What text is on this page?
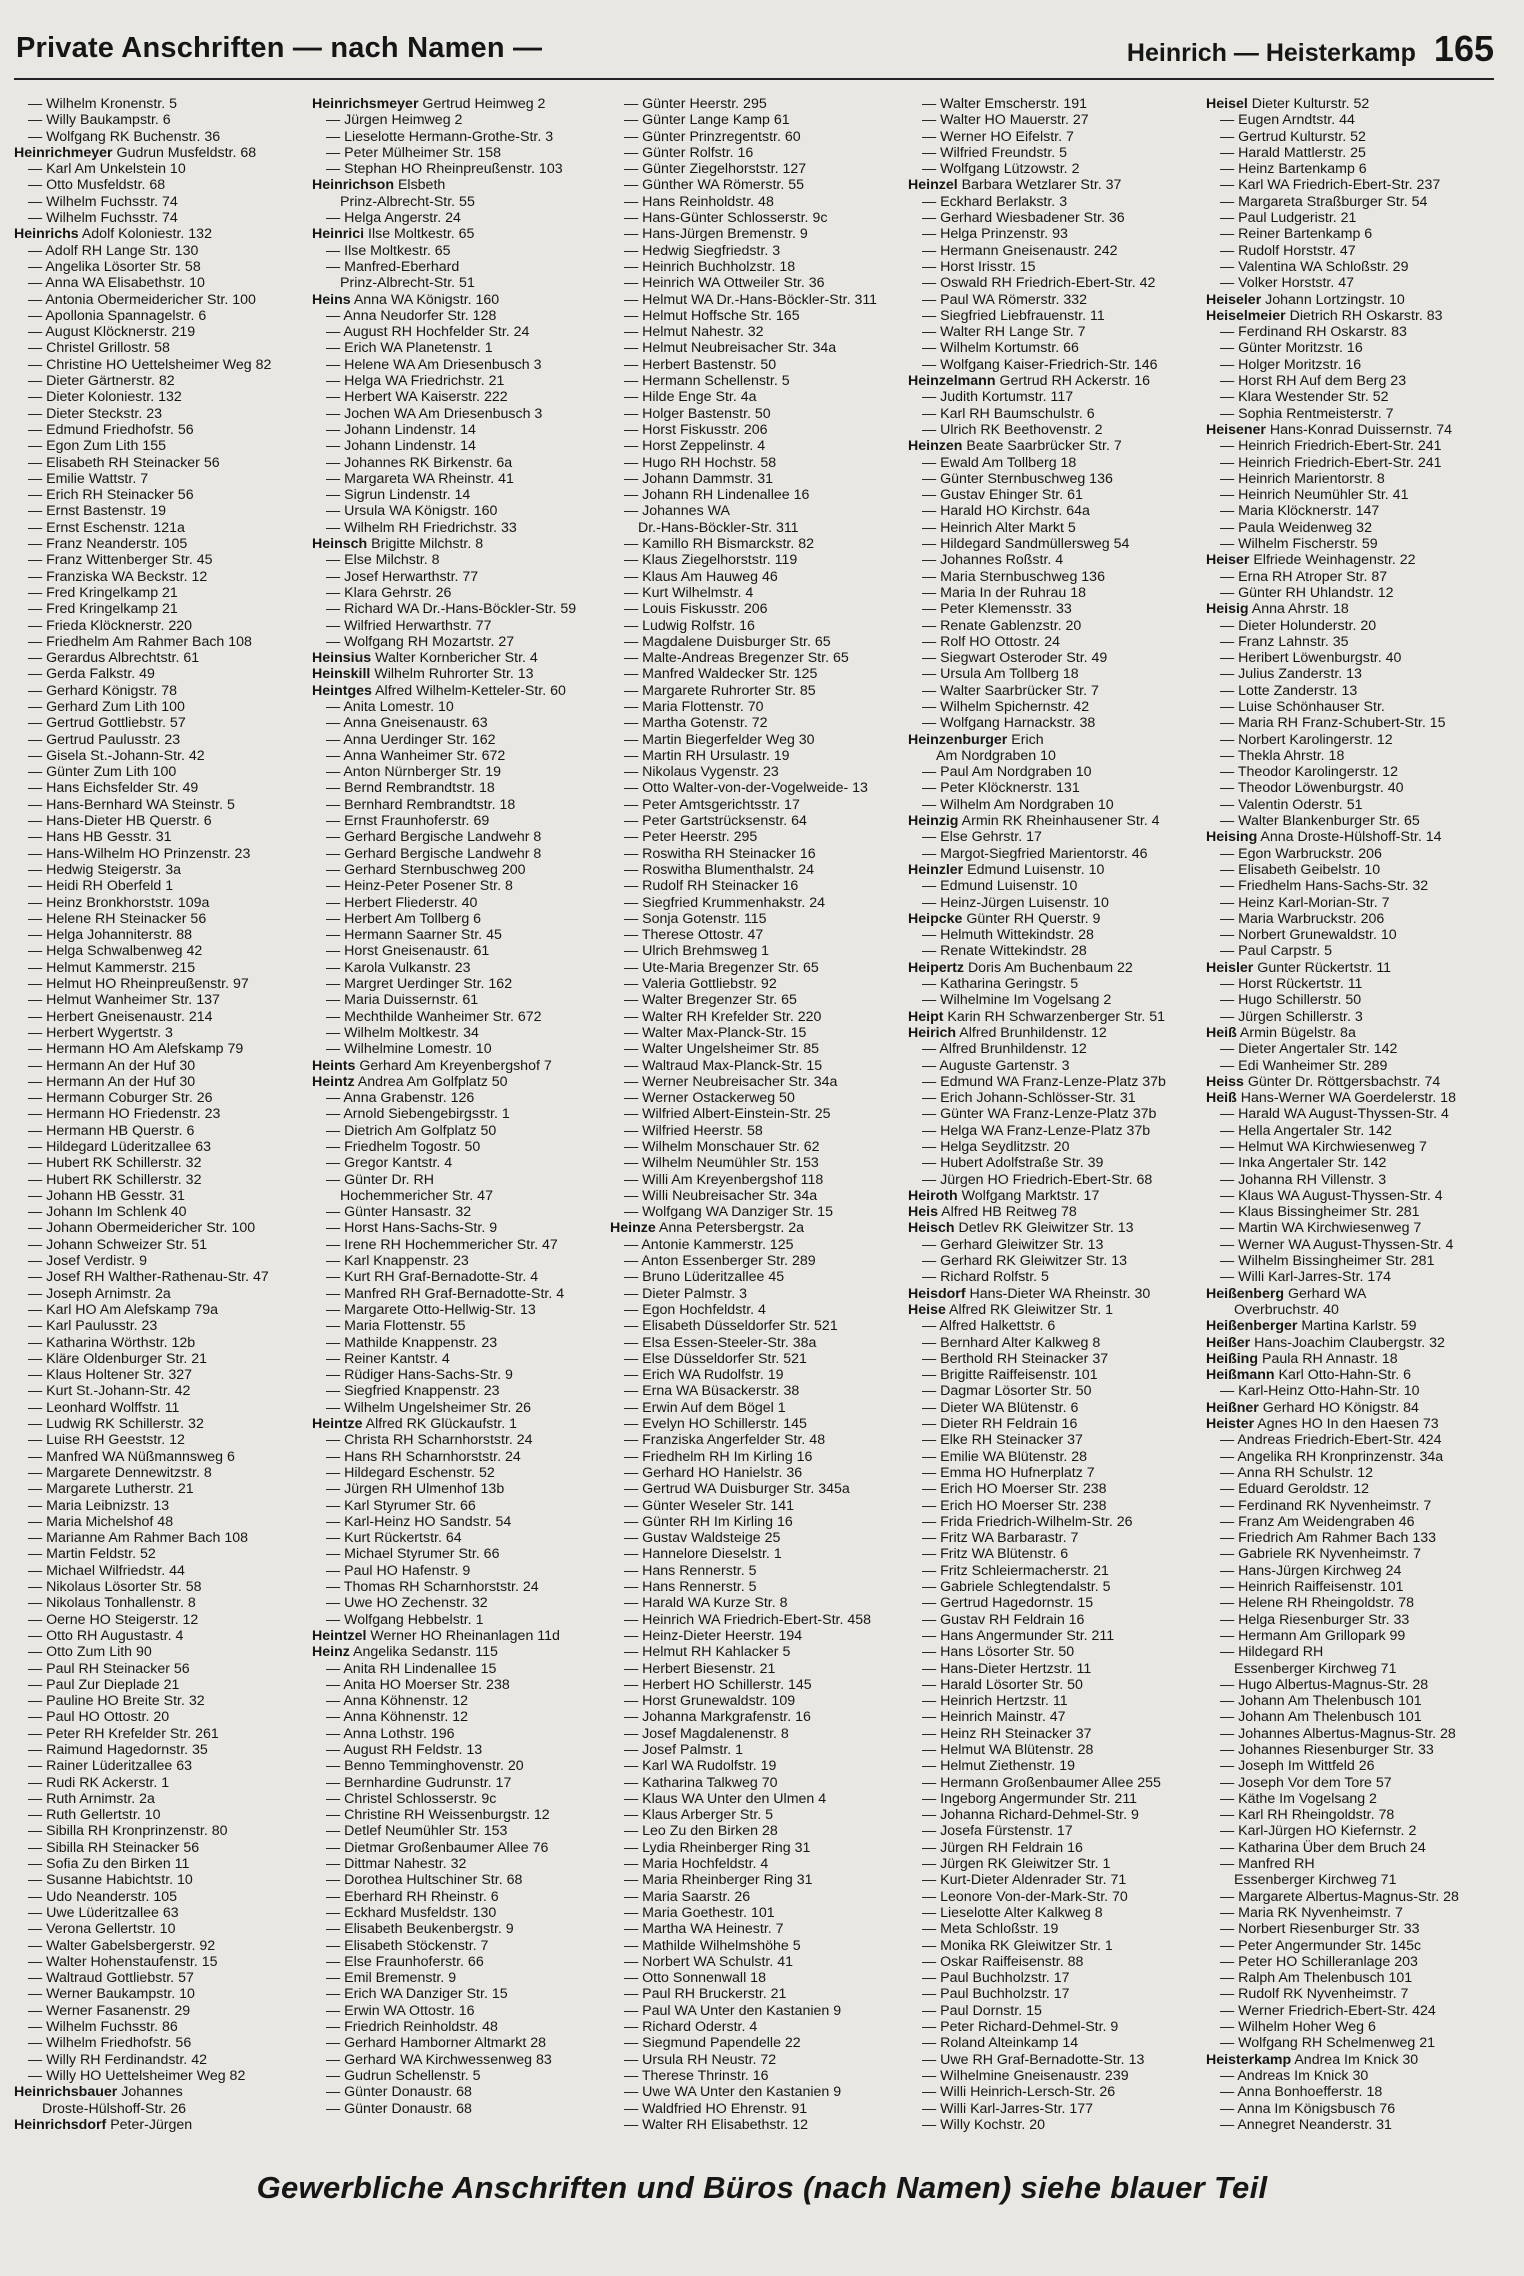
Private Anschriften — nach Namen —	Heinrich — Heisterkamp 165
— Wilhelm Kronenstr. 5
— Willy Baukampstr. 6
— Wolfgang RK Buchenstr. 36
Heinrichmeyer Gudrun Musfeldstr. 68
— Karl Am Unkelstein 10
— Otto Musfeldstr. 68
— Wilhelm Fuchsstr. 74
— Wilhelm Fuchsstr. 74
Heinrichs Adolf Koloniestr. 132
— Adolf RH Lange Str. 130
— Angelika Lösorter Str. 58
— Anna WA Elisabethstr. 10
— Antonia Obermeidericher Str. 100
— Apollonia Spannagelstr. 6
— August Klöcknerstr. 219
— Christel Grillostr. 58
— Christine HO Uettelsheimer Weg 82
— Dieter Gärtnerstr. 82
— Dieter Koloniestr. 132
— Dieter Steckstr. 23
— Edmund Friedhofstr. 56
— Egon Zum Lith 155
— Elisabeth RH Steinacker 56
— Emilie Wattstr. 7
— Erich RH Steinacker 56
— Ernst Bastenstr. 19
— Ernst Eschenstr. 121a
— Franz Neanderstr. 105
— Franz Wittenberger Str. 45
— Franziska WA Beckstr. 12
— Fred Kringelkamp 21
— Fred Kringelkamp 21
— Frieda Klöcknerstr. 220
— Friedhelm Am Rahmer Bach 108
— Gerardus Albrechtstr. 61
— Gerda Falkstr. 49
— Gerhard Königstr. 78
— Gerhard Zum Lith 100
— Gertrud Gottliebstr. 57
— Gertrud Paulusstr. 23
— Gisela St.-Johann-Str. 42
— Günter Zum Lith 100
— Hans Eichsfelder Str. 49
— Hans-Bernhard WA Steinstr. 5
— Hans-Dieter HB Querstr. 6
— Hans HB Gesstr. 31
— Hans-Wilhelm HO Prinzenstr. 23
— Hedwig Steigerstr. 3a
— Heidi RH Oberfeld 1
— Heinz Bronkhorststr. 109a
— Helene RH Steinacker 56
— Helga Johanniterstr. 88
— Helga Schwalbenweg 42
— Helmut Kammerstr. 215
— Helmut HO Rheinpreußenstr. 97
— Helmut Wanheimer Str. 137
— Herbert Gneisenaustr. 214
— Herbert Wygertstr. 3
— Hermann HO Am Alefskamp 79
— Hermann An der Huf 30
— Hermann An der Huf 30
— Hermann Coburger Str. 26
— Hermann HO Friedenstr. 23
— Hermann HB Querstr. 6
— Hildegard Lüderitzallee 63
— Hubert RK Schillerstr. 32
— Hubert RK Schillerstr. 32
— Johann HB Gesstr. 31
— Johann Im Schlenk 40
— Johann Obermeidericher Str. 100
— Johann Schweizer Str. 51
— Josef Verdistr. 9
— Josef RH Walther-Rathenau-Str. 47
— Joseph Arnimstr. 2a
— Karl HO Am Alefskamp 79a
— Karl Paulusstr. 23
— Katharina Wörthstr. 12b
— Kläre Oldenburger Str. 21
— Klaus Holtener Str. 327
— Kurt St.-Johann-Str. 42
— Leonhard Wolffstr. 11
— Ludwig RK Schillerstr. 32
— Luise RH Geeststr. 12
— Manfred WA Nüßmannsweg 6
— Margarete Dennewitzstr. 8
— Margarete Lutherstr. 21
— Maria Leibnizstr. 13
— Maria Michelshof 48
— Marianne Am Rahmer Bach 108
— Martin Feldstr. 52
— Michael Wilfriedstr. 44
— Nikolaus Lösorter Str. 58
— Nikolaus Tonhallenstr. 8
— Oerne HO Steigerstr. 12
— Otto RH Augustastr. 4
— Otto Zum Lith 90
— Paul RH Steinacker 56
— Paul Zur Dieplade 21
— Pauline HO Breite Str. 32
— Paul HO Ottostr. 20
— Peter RH Krefelder Str. 261
— Raimund Hagedornstr. 35
— Rainer Lüderitzallee 63
— Rudi RK Ackerstr. 1
— Ruth Arnimstr. 2a
— Ruth Gellertstr. 10
— Sibilla RH Kronprinzenstr. 80
— Sibilla RH Steinacker 56
— Sofia Zu den Birken 11
— Susanne Habichtstr. 10
— Udo Neanderstr. 105
— Uwe Lüderitzallee 63
— Verona Gellertstr. 10
— Walter Gabelsbergerstr. 92
— Walter Hohenstaufenstr. 15
— Waltraud Gottliebstr. 57
— Werner Baukampstr. 10
— Werner Fasanenstr. 29
— Wilhelm Fuchsstr. 86
— Wilhelm Friedhofstr. 56
— Willy RH Ferdinandstr. 42
— Willy HO Uettelsheimer Weg 82
Heinrichsbauer Johannes
Droste-Hülshoff-Str. 26
Heinrichsdorf Peter-Jürgen
Heinrichsmeyer Gertrud Heimweg 2
— Jürgen Heimweg 2
— Lieselotte Hermann-Grothe-Str. 3
— Peter Mülheimer Str. 158
— Stephan HO Rheinpreußenstr. 103
Heinrichson Elsbeth
Prinz-Albrecht-Str. 55
— Helga Angerstr. 24
Heinrici Ilse Moltkestr. 65
— Ilse Moltkestr. 65
— Manfred-Eberhard
Prinz-Albrecht-Str. 51
Heins Anna WA Königstr. 160
— Anna Neudorfer Str. 128
— August RH Hochfelder Str. 24
— Erich WA Planetenstr. 1
— Helene WA Am Driesenbusch 3
— Helga WA Friedrichstr. 21
— Herbert WA Kaiserstr. 222
— Jochen WA Am Driesenbusch 3
— Johann Lindenstr. 14
— Johann Lindenstr. 14
— Johannes RK Birkenstr. 6a
— Margareta WA Rheinstr. 41
— Sigrun Lindenstr. 14
— Ursula WA Königstr. 160
— Wilhelm RH Friedrichstr. 33
Heinsch Brigitte Milchstr. 8
— Else Milchstr. 8
— Josef Herwarthstr. 77
— Klara Gehrstr. 26
— Richard WA Dr.-Hans-Böckler-Str. 59
— Wilfried Herwarthstr. 77
— Wolfgang RH Mozartstr. 27
Heinsius Walter Kornbericher Str. 4
Heinskill Wilhelm Ruhrorter Str. 13
Heintges Alfred Wilhelm-Ketteler-Str. 60
— Anita Lomestr. 10
— Anna Gneisenaustr. 63
— Anna Uerdinger Str. 162
— Anna Wanheimer Str. 672
— Anton Nürnberger Str. 19
— Bernd Rembrandtstr. 18
— Bernhard Rembrandtstr. 18
— Ernst Fraunhoferstr. 69
— Gerhard Bergische Landwehr 8
— Gerhard Bergische Landwehr 8
— Gerhard Sternbuschweg 200
— Heinz-Peter Posener Str. 8
— Herbert Fliederstr. 40
— Herbert Am Tollberg 6
— Hermann Saarner Str. 45
— Horst Gneisenaustr. 61
— Karola Vulkanstr. 23
— Margret Uerdinger Str. 162
— Maria Duissernstr. 61
— Mechthilde Wanheimer Str. 672
— Wilhelm Moltkestr. 34
— Wilhelmine Lomestr. 10
Heints Gerhard Am Kreyenbergshof 7
Heintz Andrea Am Golfplatz 50
— Anna Grabenstr. 126
— Arnold Siebengebirgsstr. 1
— Dietrich Am Golfplatz 50
— Friedhelm Togostr. 50
— Gregor Kantstr. 4
— Günter Dr. RH
Hochemmericher Str. 47
— Günter Hansastr. 32
— Horst Hans-Sachs-Str. 9
— Irene RH Hochemmericher Str. 47
— Karl Knappenstr. 23
— Kurt RH Graf-Bernadotte-Str. 4
— Manfred RH Graf-Bernadotte-Str. 4
— Margarete Otto-Hellwig-Str. 13
— Maria Flottenstr. 55
— Mathilde Knappenstr. 23
— Reiner Kantstr. 4
— Rüdiger Hans-Sachs-Str. 9
— Siegfried Knappenstr. 23
— Wilhelm Ungelsheimer Str. 26
Heintze Alfred RK Glückaufstr. 1
— Christa RH Scharnhorststr. 24
— Hans RH Scharnhorststr. 24
— Hildegard Eschenstr. 52
— Jürgen RH Ulmenhof 13b
— Karl Styrumer Str. 66
— Karl-Heinz HO Sandstr. 54
— Kurt Rückertstr. 64
— Michael Styrumer Str. 66
— Paul HO Hafenstr. 9
— Thomas RH Scharnhorststr. 24
— Uwe HO Zechenstr. 32
— Wolfgang Hebbelstr. 1
Heintzel Werner HO Rheinanlagen 11d
Heinz Angelika Sedanstr. 115
— Anita RH Lindenallee 15
— Anita HO Moerser Str. 238
— Anna Köhnenstr. 12
— Anna Köhnenstr. 12
— Anna Lothstr. 196
— August RH Feldstr. 13
— Benno Temminghovenstr. 20
— Bernhardine Gudrunstr. 17
— Christel Schlosserstr. 9c
— Christine RH Weissenburgstr. 12
— Detlef Neumühler Str. 153
— Dietmar Großenbaumer Allee 76
— Dittmar Nahestr. 32
— Dorothea Hultschiner Str. 68
— Eberhard RH Rheinstr. 6
— Eckhard Musfeldstr. 130
— Elisabeth Beukenbergstr. 9
— Elisabeth Stöckenstr. 7
— Else Fraunhoferstr. 66
— Emil Bremenstr. 9
— Erich WA Danziger Str. 15
— Erwin WA Ottostr. 16
— Friedrich Reinholdstr. 48
— Gerhard Hamborner Altmarkt 28
— Gerhard WA Kirchwessenweg 83
— Gudrun Schellenstr. 5
— Günter Donaustr. 68
— Günter Donaustr. 68
— Günter Heerstr. 295
— Günter Lange Kamp 61
— Günter Prinzregentstr. 60
— Günter Rolfstr. 16
— Günter Ziegelhorststr. 127
— Günther WA Römerstr. 55
— Hans Reinholdstr. 48
— Hans-Günter Schlosserstr. 9c
— Hans-Jürgen Bremenstr. 9
— Hedwig Siegfriedstr. 3
— Heinrich Buchholzstr. 18
— Heinrich WA Ottweiler Str. 36
— Helmut WA Dr.-Hans-Böckler-Str. 311
— Helmut Hoffsche Str. 165
— Helmut Nahestr. 32
— Helmut Neubreisacher Str. 34a
— Herbert Bastenstr. 50
— Hermann Schellenstr. 5
— Hilde Enge Str. 4a
— Holger Bastenstr. 50
— Horst Fiskusstr. 206
— Horst Zeppelinstr. 4
— Hugo RH Hochstr. 58
— Johann Dammstr. 31
— Johann RH Lindenallee 16
— Johannes WA
Dr.-Hans-Böckler-Str. 311
— Kamillo RH Bismarckstr. 82
— Klaus Ziegelhorststr. 119
— Klaus Am Hauweg 46
— Kurt Wilhelmstr. 4
— Louis Fiskusstr. 206
— Ludwig Rolfstr. 16
— Magdalene Duisburger Str. 65
— Malte-Andreas Bregenzer Str. 65
— Manfred Waldecker Str. 125
— Margarete Ruhrorter Str. 85
— Maria Flottenstr. 70
— Martha Gotenstr. 72
— Martin Biegerfelder Weg 30
— Martin RH Ursulastr. 19
— Nikolaus Vygenstr. 23
— Otto Walter-von-der-Vogelweide- 13
— Peter Amtsgerichtsstr. 17
— Peter Gartstrücksenstr. 64
— Peter Heerstr. 295
— Roswitha RH Steinacker 16
— Roswitha Blumenthalstr. 24
— Rudolf RH Steinacker 16
— Siegfried Krummenhakstr. 24
— Sonja Gotenstr. 115
— Therese Ottostr. 47
— Ulrich Brehmsweg 1
— Ute-Maria Bregenzer Str. 65
— Valeria Gottliebstr. 92
— Walter Bregenzer Str. 65
— Walter RH Krefelder Str. 220
— Walter Max-Planck-Str. 15
— Walter Ungelsheimer Str. 85
— Waltraud Max-Planck-Str. 15
— Werner Neubreisacher Str. 34a
— Werner Ostackerweg 50
— Wilfried Albert-Einstein-Str. 25
— Wilfried Heerstr. 58
— Wilhelm Monschauer Str. 62
— Wilhelm Neumühler Str. 153
— Willi Am Kreyenbergshof 118
— Willi Neubreisacher Str. 34a
— Wolfgang WA Danziger Str. 15
Heinze Anna Petersbergstr. 2a
— Antonie Kammerstr. 125
— Anton Essenberger Str. 289
— Bruno Lüderitzallee 45
— Dieter Palmstr. 3
— Egon Hochfeldstr. 4
— Elisabeth Düsseldorfer Str. 521
— Elsa Essen-Steeler-Str. 38a
— Else Düsseldorfer Str. 521
— Erich WA Rudolfstr. 19
— Erna WA Büsackerstr. 38
— Erwin Auf dem Bögel 1
— Evelyn HO Schillerstr. 145
— Franziska Angerfelder Str. 48
— Friedhelm RH Im Kirling 16
— Gerhard HO Hanielstr. 36
— Gertrud WA Duisburger Str. 345a
— Günter Weseler Str. 141
— Günter RH Im Kirling 16
— Gustav Waldsteige 25
— Hannelore Dieselstr. 1
— Hans Rennerstr. 5
— Hans Rennerstr. 5
— Harald WA Kurze Str. 8
— Heinrich WA Friedrich-Ebert-Str. 458
— Heinz-Dieter Heerstr. 194
— Helmut RH Kahlacker 5
— Herbert Biesenstr. 21
— Herbert HO Schillerstr. 145
— Horst Grunewaldstr. 109
— Johanna Markgrafenstr. 16
— Josef Magdalenenstr. 8
— Josef Palmstr. 1
— Karl WA Rudolfstr. 19
— Katharina Talkweg 70
— Klaus WA Unter den Ulmen 4
— Klaus Arberger Str. 5
— Leo Zu den Birken 28
— Lydia Rheinberger Ring 31
— Maria Hochfeldstr. 4
— Maria Rheinberger Ring 31
— Maria Saarstr. 26
— Maria Goethestr. 101
— Martha WA Heinestr. 7
— Mathilde Wilhelmshöhe 5
— Norbert WA Schulstr. 41
— Otto Sonnenwall 18
— Paul RH Bruckerstr. 21
— Paul WA Unter den Kastanien 9
— Richard Oderstr. 4
— Siegmund Papendelle 22
— Ursula RH Neustr. 72
— Therese Thrinstr. 16
— Uwe WA Unter den Kastanien 9
— Waldfried HO Ehrenstr. 91
— Walter RH Elisabethstr. 12
— Walter Emscherstr. 191
— Walter HO Mauerstr. 27
— Werner HO Eifelstr. 7
— Wilfried Freundstr. 5
— Wolfgang Lützowstr. 2
Heinzel Barbara Wetzlarer Str. 37
— Eckhard Berlakstr. 3
— Gerhard Wiesbadener Str. 36
— Helga Prinzenstr. 93
— Hermann Gneisenaustr. 242
— Horst Irisstr. 15
— Oswald RH Friedrich-Ebert-Str. 42
— Paul WA Römerstr. 332
— Siegfried Liebfrauenstr. 11
— Walter RH Lange Str. 7
— Wilhelm Kortumstr. 66
— Wolfgang Kaiser-Friedrich-Str. 146
Heinzelmann Gertrud RH Ackerstr. 16
— Judith Kortumstr. 117
— Karl RH Baumschulstr. 6
— Ulrich RK Beethovenstr. 2
Heinzen Beate Saarbrücker Str. 7
— Ewald Am Tollberg 18
— Günter Sternbuschweg 136
— Gustav Ehinger Str. 61
— Harald HO Kirchstr. 64a
— Heinrich Alter Markt 5
— Hildegard Sandmüllersweg 54
— Johannes Roßstr. 4
— Maria Sternbuschweg 136
— Maria In der Ruhrau 18
— Peter Klemensstr. 33
— Renate Gablenzstr. 20
— Rolf HO Ottostr. 24
— Siegwart Osteroder Str. 49
— Ursula Am Tollberg 18
— Walter Saarbrücker Str. 7
— Wilhelm Spichernstr. 42
— Wolfgang Harnackstr. 38
Heinzenburger Erich
Am Nordgraben 10
— Paul Am Nordgraben 10
— Peter Klöcknerstr. 131
— Wilhelm Am Nordgraben 10
Heinzig Armin RK Rheinhausener Str. 4
— Else Gehrstr. 17
— Margot-Siegfried Marientorstr. 46
Heinzler Edmund Luisenstr. 10
— Edmund Luisenstr. 10
— Heinz-Jürgen Luisenstr. 10
Heipcke Günter RH Querstr. 9
— Helmuth Wittekindstr. 28
— Renate Wittekindstr. 28
Heipertz Doris Am Buchenbaum 22
— Katharina Geringstr. 5
— Wilhelmine Im Vogelsang 2
Heipt Karin RH Schwarzenberger Str. 51
Heirich Alfred Brunhildenstr. 12
— Alfred Brunhildenstr. 12
— Auguste Gartenstr. 3
— Edmund WA Franz-Lenze-Platz 37b
— Erich Johann-Schlösser-Str. 31
— Günter WA Franz-Lenze-Platz 37b
— Helga WA Franz-Lenze-Platz 37b
— Helga Seydlitzstr. 20
— Hubert Adolfstraße Str. 39
— Jürgen HO Friedrich-Ebert-Str. 68
Heiroth Wolfgang Marktstr. 17
Heis Alfred HB Reitweg 78
Heisch Detlev RK Gleiwitzer Str. 13
— Gerhard Gleiwitzer Str. 13
— Gerhard RK Gleiwitzer Str. 13
— Richard Rolfstr. 5
Heisdorf Hans-Dieter WA Rheinstr. 30
Heise Alfred RK Gleiwitzer Str. 1
— Alfred Halkettstr. 6
— Bernhard Alter Kalkweg 8
— Berthold RH Steinacker 37
— Brigitte Raiffeisenstr. 101
— Dagmar Lösorter Str. 50
— Dieter WA Blütenstr. 6
— Dieter RH Feldrain 16
— Elke RH Steinacker 37
— Emilie WA Blütenstr. 28
— Emma HO Hufnerplatz 7
— Erich HO Moerser Str. 238
— Erich HO Moerser Str. 238
— Frida Friedrich-Wilhelm-Str. 26
— Fritz WA Barbarastr. 7
— Fritz WA Blütenstr. 6
— Fritz Schleiermacherstr. 21
— Gabriele Schlegtendalstr. 5
— Gertrud Hagedornstr. 15
— Gustav RH Feldrain 16
— Hans Angermunder Str. 211
— Hans Lösorter Str. 50
— Hans-Dieter Hertzstr. 11
— Harald Lösorter Str. 50
— Heinrich Hertzstr. 11
— Heinrich Mainstr. 47
— Heinz RH Steinacker 37
— Helmut WA Blütenstr. 28
— Helmut Ziethenstr. 19
— Hermann Großenbaumer Allee 255
— Ingeborg Angermunder Str. 211
— Johanna Richard-Dehmel-Str. 9
— Josefa Fürstenstr. 17
— Jürgen RH Feldrain 16
— Jürgen RK Gleiwitzer Str. 1
— Kurt-Dieter Aldenrader Str. 71
— Leonore Von-der-Mark-Str. 70
— Lieselotte Alter Kalkweg 8
— Meta Schloßstr. 19
— Monika RK Gleiwitzer Str. 1
— Oskar Raiffeisenstr. 88
— Paul Buchholzstr. 17
— Paul Buchholzstr. 17
— Paul Dornstr. 15
— Peter Richard-Dehmel-Str. 9
— Roland Alteinkamp 14
— Uwe RH Graf-Bernadotte-Str. 13
— Wilhelmine Gneisenaustr. 239
— Willi Heinrich-Lersch-Str. 26
— Willi Karl-Jarres-Str. 177
— Willy Kochstr. 20
Heisel Dieter Kulturstr. 52
— Eugen Arndtstr. 44
— Gertrud Kulturstr. 52
— Harald Mattlerstr. 25
— Heinz Bartenkamp 6
— Karl WA Friedrich-Ebert-Str. 237
— Margareta Straßburger Str. 54
— Paul Ludgeristr. 21
— Reiner Bartenkamp 6
— Rudolf Horststr. 47
— Valentina WA Schloßstr. 29
— Volker Horststr. 47
Heiseler Johann Lortzingstr. 10
Heiselmeier Dietrich RH Oskarstr. 83
— Ferdinand RH Oskarstr. 83
— Günter Moritzstr. 16
— Holger Moritzstr. 16
— Horst RH Auf dem Berg 23
— Klara Westender Str. 52
— Sophia Rentmeisterstr. 7
Heisener Hans-Konrad Duissernstr. 74
— Heinrich Friedrich-Ebert-Str. 241
— Heinrich Friedrich-Ebert-Str. 241
— Heinrich Marientorstr. 8
— Heinrich Neumühler Str. 41
— Maria Klöcknerstr. 147
— Paula Weidenweg 32
— Wilhelm Fischerstr. 59
Heiser Elfriede Weinhagenstr. 22
— Erna RH Atroper Str. 87
— Günter RH Uhlandstr. 12
Heisig Anna Ahrstr. 18
— Dieter Holunderstr. 20
— Franz Lahnstr. 35
— Heribert Löwenburgstr. 40
— Julius Zanderstr. 13
— Lotte Zanderstr. 13
— Luise Schönhauser Str.
— Maria RH Franz-Schubert-Str. 15
— Norbert Karolingerstr. 12
— Thekla Ahrstr. 18
— Theodor Karolingerstr. 12
— Theodor Löwenburgstr. 40
— Valentin Oderstr. 51
— Walter Blankenburger Str. 65
Heising Anna Droste-Hülshoff-Str. 14
— Egon Warbruckstr. 206
— Elisabeth Geibelstr. 10
— Friedhelm Hans-Sachs-Str. 32
— Heinz Karl-Morian-Str. 7
— Maria Warbruckstr. 206
— Norbert Grunewaldstr. 10
— Paul Carpstr. 5
Heisler Gunter Rückertstr. 11
— Horst Rückertstr. 11
— Hugo Schillerstr. 50
— Jürgen Schillerstr. 3
Heiß Armin Bügelstr. 8a
— Dieter Angertaler Str. 142
— Edi Wanheimer Str. 289
Heiss Günter Dr. Röttgersbachstr. 74
Heiß Hans-Werner WA Goerdelerstr. 18
— Harald WA August-Thyssen-Str. 4
— Hella Angertaler Str. 142
— Helmut WA Kirchwiesenweg 7
— Inka Angertaler Str. 142
— Johanna RH Villenstr. 3
— Klaus WA August-Thyssen-Str. 4
— Klaus Bissingheimer Str. 281
— Martin WA Kirchwiesenweg 7
— Werner WA August-Thyssen-Str. 4
— Wilhelm Bissingheimer Str. 281
— Willi Karl-Jarres-Str. 174
Heißenberg Gerhard WA
Overbruchstr. 40
Heißenberger Martina Karlstr. 59
Heißer Hans-Joachim Claubergstr. 32
Heißing Paula RH Annastr. 18
Heißmann Karl Otto-Hahn-Str. 6
— Karl-Heinz Otto-Hahn-Str. 10
Heißner Gerhard HO Königstr. 84
Heister Agnes HO In den Haesen 73
— Andreas Friedrich-Ebert-Str. 424
— Angelika RH Kronprinzenstr. 34a
— Anna RH Schulstr. 12
— Eduard Geroldstr. 12
— Ferdinand RK Nyvenheimstr. 7
— Franz Am Weidengraben 46
— Friedrich Am Rahmer Bach 133
— Gabriele RK Nyvenheimstr. 7
— Hans-Jürgen Kirchweg 24
— Heinrich Raiffeisenstr. 101
— Helene RH Rheingoldstr. 78
— Helga Riesenburger Str. 33
— Hermann Am Grillopark 99
— Hildegard RH
Essenberger Kirchweg 71
— Hugo Albertus-Magnus-Str. 28
— Johann Am Thelenbusch 101
— Johann Am Thelenbusch 101
— Johannes Albertus-Magnus-Str. 28
— Johannes Riesenburger Str. 33
— Joseph Im Wittfeld 26
— Joseph Vor dem Tore 57
— Käthe Im Vogelsang 2
— Karl RH Rheingoldstr. 78
— Karl-Jürgen HO Kiefernstr. 2
— Katharina Über dem Bruch 24
— Manfred RH
Essenberger Kirchweg 71
— Margarete Albertus-Magnus-Str. 28
— Maria RK Nyvenheimstr. 7
— Norbert Riesenburger Str. 33
— Peter Angermunder Str. 145c
— Peter HO Schilleranlage 203
— Ralph Am Thelenbusch 101
— Rudolf RK Nyvenheimstr. 7
— Werner Friedrich-Ebert-Str. 424
— Wilhelm Hoher Weg 6
— Wolfgang RH Schelmenweg 21
Heisterkamp Andrea Im Knick 30
— Andreas Im Knick 30
— Anna Bonhoefferstr. 18
— Anna Im Königsbusch 76
— Annegret Neanderstr. 31
Gewerbliche Anschriften und Büros (nach Namen) siehe blauer Teil
